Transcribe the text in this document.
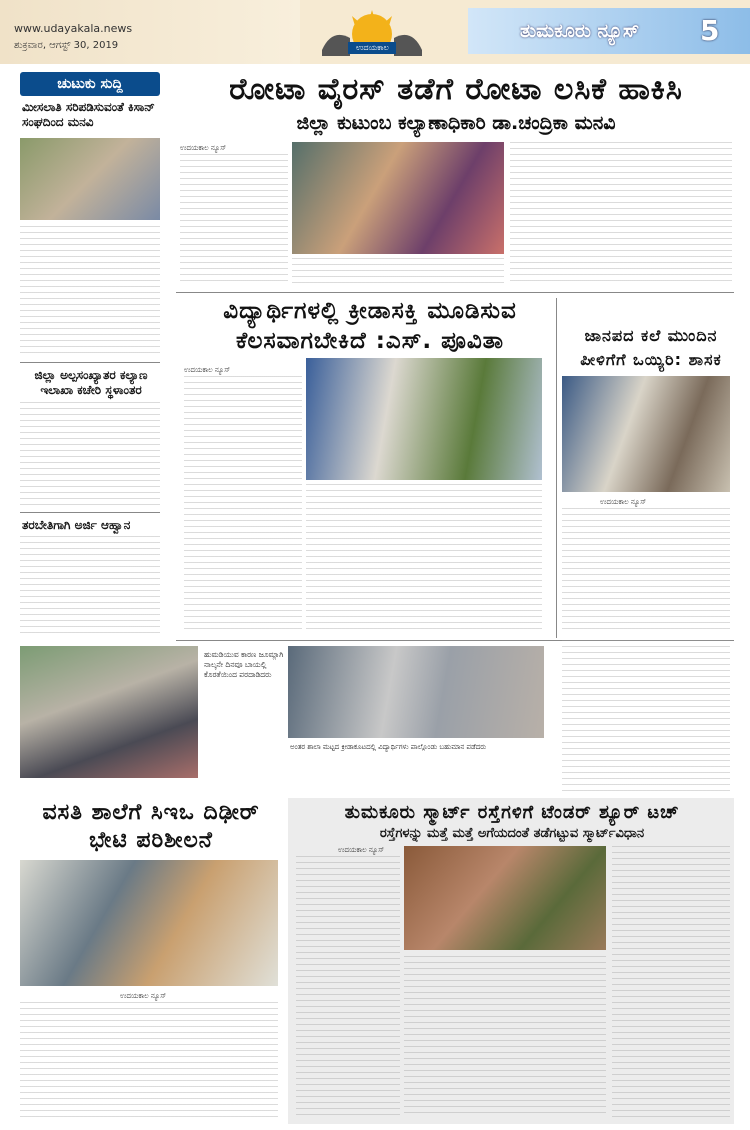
www.udayakala.news
ಶುಕ್ರವಾರ, ಆಗಸ್ಟ್ 30, 2019	ಉದಯಕಾಲ
ತುಮಕೂರು ನ್ಯೂಸ್ 5
ಚುಟುಕು ಸುದ್ದಿ
ಮೀಸಲಾತಿ ಸರಿಪಡಿಸುವಂತೆ ಕಿಸಾನ್ ಸಂಘದಿಂದ ಮನವಿ
ಜಿಲ್ಲಾ ಅಲ್ಪಸಂಖ್ಯಾತರ ಕಲ್ಯಾಣ ಇಲಾಖಾ ಕಚೇರಿ ಸ್ಥಳಾಂತರ
ತರಬೇತಿಗಾಗಿ ಅರ್ಜಿ ಆಹ್ವಾನ
ರೋಟಾ ವೈರಸ್ ತಡೆಗೆ ರೋಟಾ ಲಸಿಕೆ ಹಾಕಿಸಿ
ಜಿಲ್ಲಾ ಕುಟುಂಬ ಕಲ್ಯಾಣಾಧಿಕಾರಿ ಡಾ.ಚಂದ್ರಿಕಾ ಮನವಿ
ಉದಯಕಾಲ ನ್ಯೂಸ್
ವಿದ್ಯಾರ್ಥಿಗಳಲ್ಲಿ ಕ್ರೀಡಾಸಕ್ತಿ ಮೂಡಿಸುವ
ಕೆಲಸವಾಗಬೇಕಿದೆ :ಎಸ್. ಪೂವಿತಾ
ಉದಯಕಾಲ ನ್ಯೂಸ್
ಜಾನಪದ ಕಲೆ ಮುಂದಿನ
ಪೀಳಿಗೆಗೆ ಒಯ್ಯಿರಿ: ಶಾಸಕ
ಉದಯಕಾಲ ನ್ಯೂಸ್
ಹುಮಡಿಯುವ ಕಾರಣ ಜೂಮ್ಲಾಗಿ ನಾಲ್ಕನೇ ದಿನವೂ ಬಾಯಲ್ಲಿ ಕೊರತೆಯಿಂದ ಪರದಾಡಿದರು
ಅಂತರ ಶಾಲಾ ಮಟ್ಟದ ಕ್ರೀಡಾಕೂಟದಲ್ಲಿ ವಿದ್ಯಾರ್ಥಿಗಳು ಪಾಲ್ಗೊಂಡು ಬಹುಮಾನ ಪಡೆದರು
ವಸತಿ ಶಾಲೆಗೆ ಸಿಇಒ ದಿಢೀರ್
ಭೇಟಿ ಪರಿಶೀಲನೆ
ಉದಯಕಾಲ ನ್ಯೂಸ್
ತುಮಕೂರು ಸ್ಮಾರ್ಟ್ ರಸ್ತೆಗಳಿಗೆ ಟೆಂಡರ್ ಶ್ಯೂರ್ ಟಚ್
ರಸ್ತೆಗಳನ್ನು ಮತ್ತೆ ಮತ್ತೆ ಅಗೆಯದಂತೆ ತಡೆಗಟ್ಟುವ ಸ್ಮಾರ್ಟ್‌ವಿಧಾನ
ಉದಯಕಾಲ ನ್ಯೂಸ್
